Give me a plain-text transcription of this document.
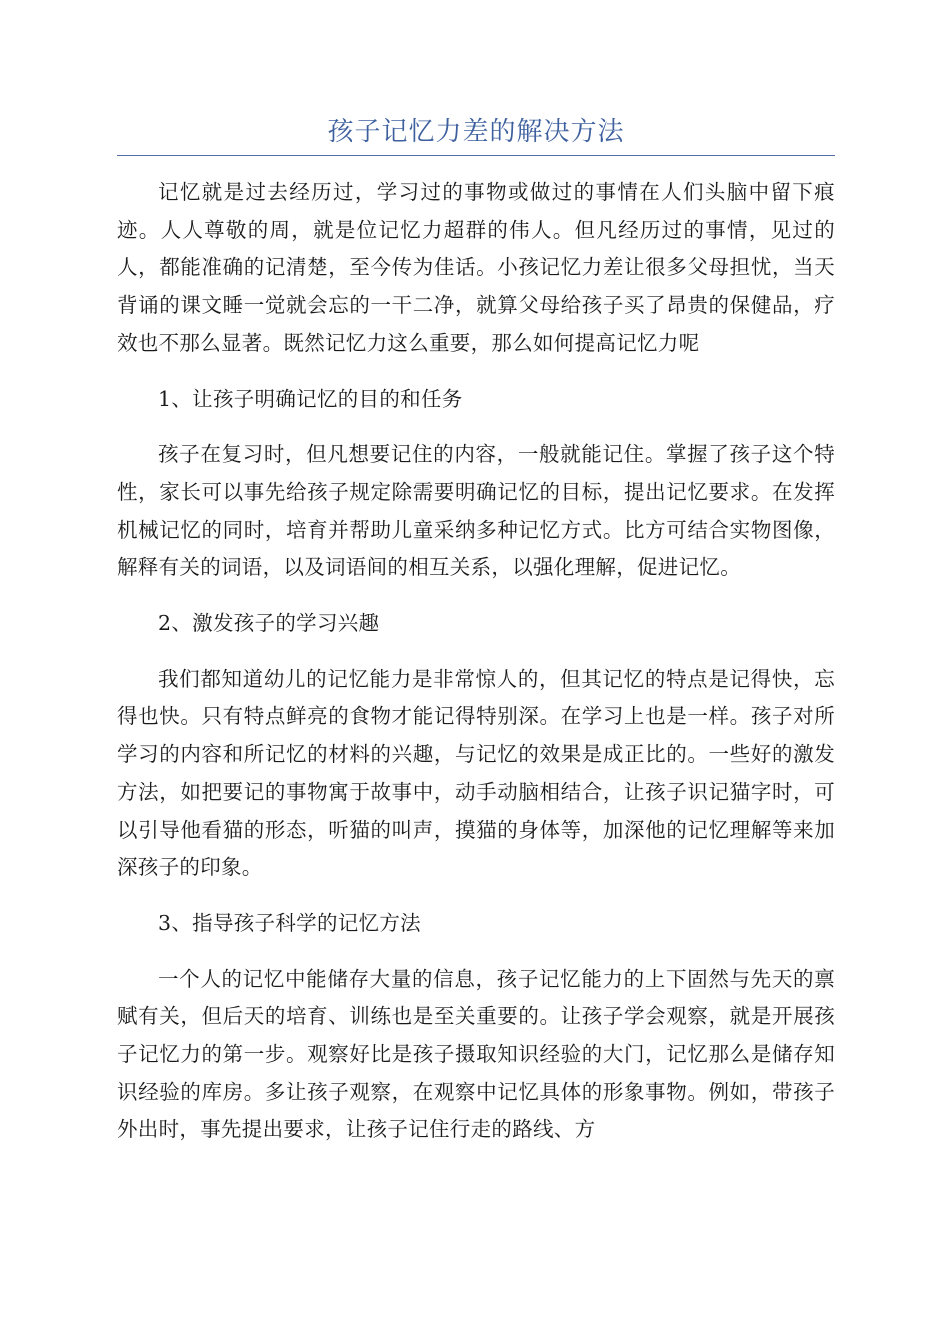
孩子记忆力差的解决方法

记忆就是过去经历过，学习过的事物或做过的事情在人们头脑中留下痕迹。人人尊敬的周，就是位记忆力超群的伟人。但凡经历过的事情，见过的人，都能准确的记清楚，至今传为佳话。小孩记忆力差让很多父母担忧，当天背诵的课文睡一觉就会忘的一干二净，就算父母给孩子买了昂贵的保健品，疗效也不那么显著。既然记忆力这么重要，那么如何提高记忆力呢

1、让孩子明确记忆的目的和任务

孩子在复习时，但凡想要记住的内容，一般就能记住。掌握了孩子这个特性，家长可以事先给孩子规定除需要明确记忆的目标，提出记忆要求。在发挥机械记忆的同时，培育并帮助儿童采纳多种记忆方式。比方可结合实物图像，解释有关的词语，以及词语间的相互关系，以强化理解，促进记忆。

2、激发孩子的学习兴趣

我们都知道幼儿的记忆能力是非常惊人的，但其记忆的特点是记得快，忘得也快。只有特点鲜亮的食物才能记得特别深。在学习上也是一样。孩子对所学习的内容和所记忆的材料的兴趣，与记忆的效果是成正比的。一些好的激发方法，如把要记的事物寓于故事中，动手动脑相结合，让孩子识记猫字时，可以引导他看猫的形态，听猫的叫声，摸猫的身体等，加深他的记忆理解等来加深孩子的印象。

3、指导孩子科学的记忆方法

一个人的记忆中能储存大量的信息，孩子记忆能力的上下固然与先天的禀赋有关，但后天的培育、训练也是至关重要的。让孩子学会观察，就是开展孩子记忆力的第一步。观察好比是孩子摄取知识经验的大门，记忆那么是储存知识经验的库房。多让孩子观察，在观察中记忆具体的形象事物。例如，带孩子外出时，事先提出要求，让孩子记住行走的路线、方
